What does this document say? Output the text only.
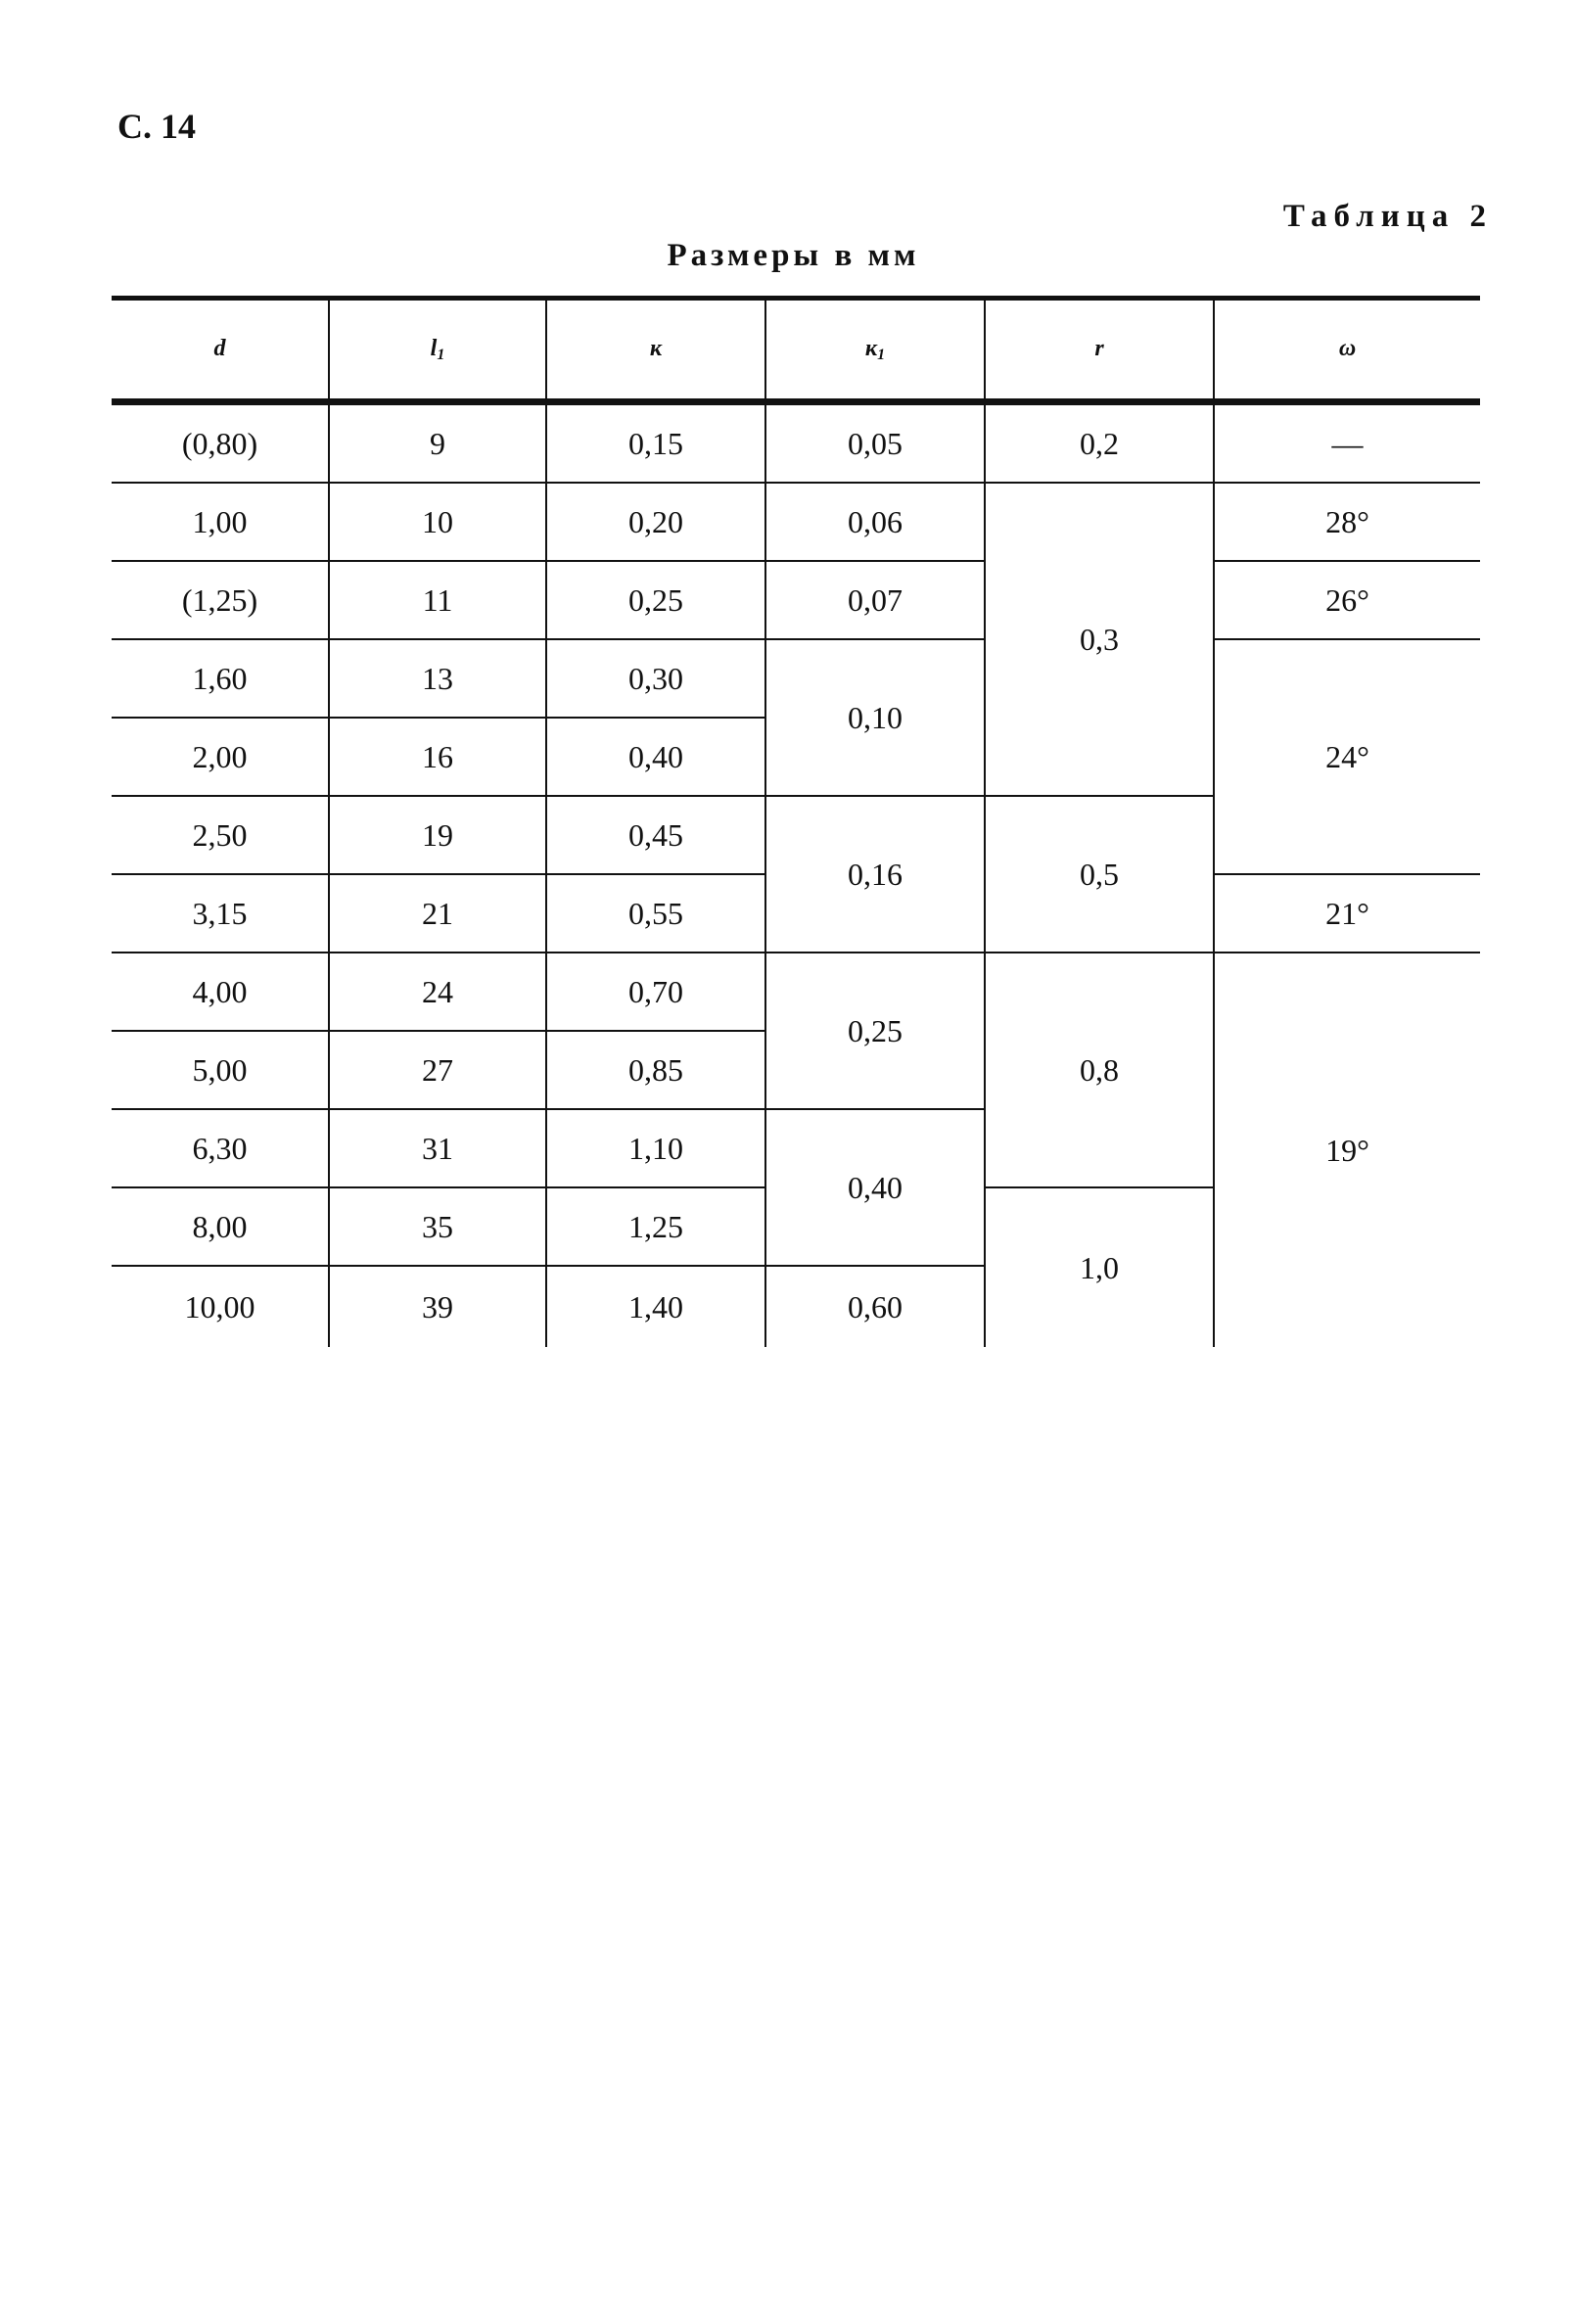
С. 14
Таблица 2
Размеры в мм
d	$l_1$	к	$к_1$	r	ω
(0,80)	9	0,15	0,05	0,2	—
1,00	10	0,20	0,06	0,3	28°
(1,25)	11	0,25	0,07		26°
1,60	13	0,30	0,10		24°
2,00	16	0,40			
2,50	19	0,45	0,16	0,5	
3,15	21	0,55			21°
4,00	24	0,70	0,25	0,8	19°
5,00	27	0,85			
6,30	31	1,10	0,40		
8,00	35	1,25		1,0	
10,00	39	1,40	0,60		
